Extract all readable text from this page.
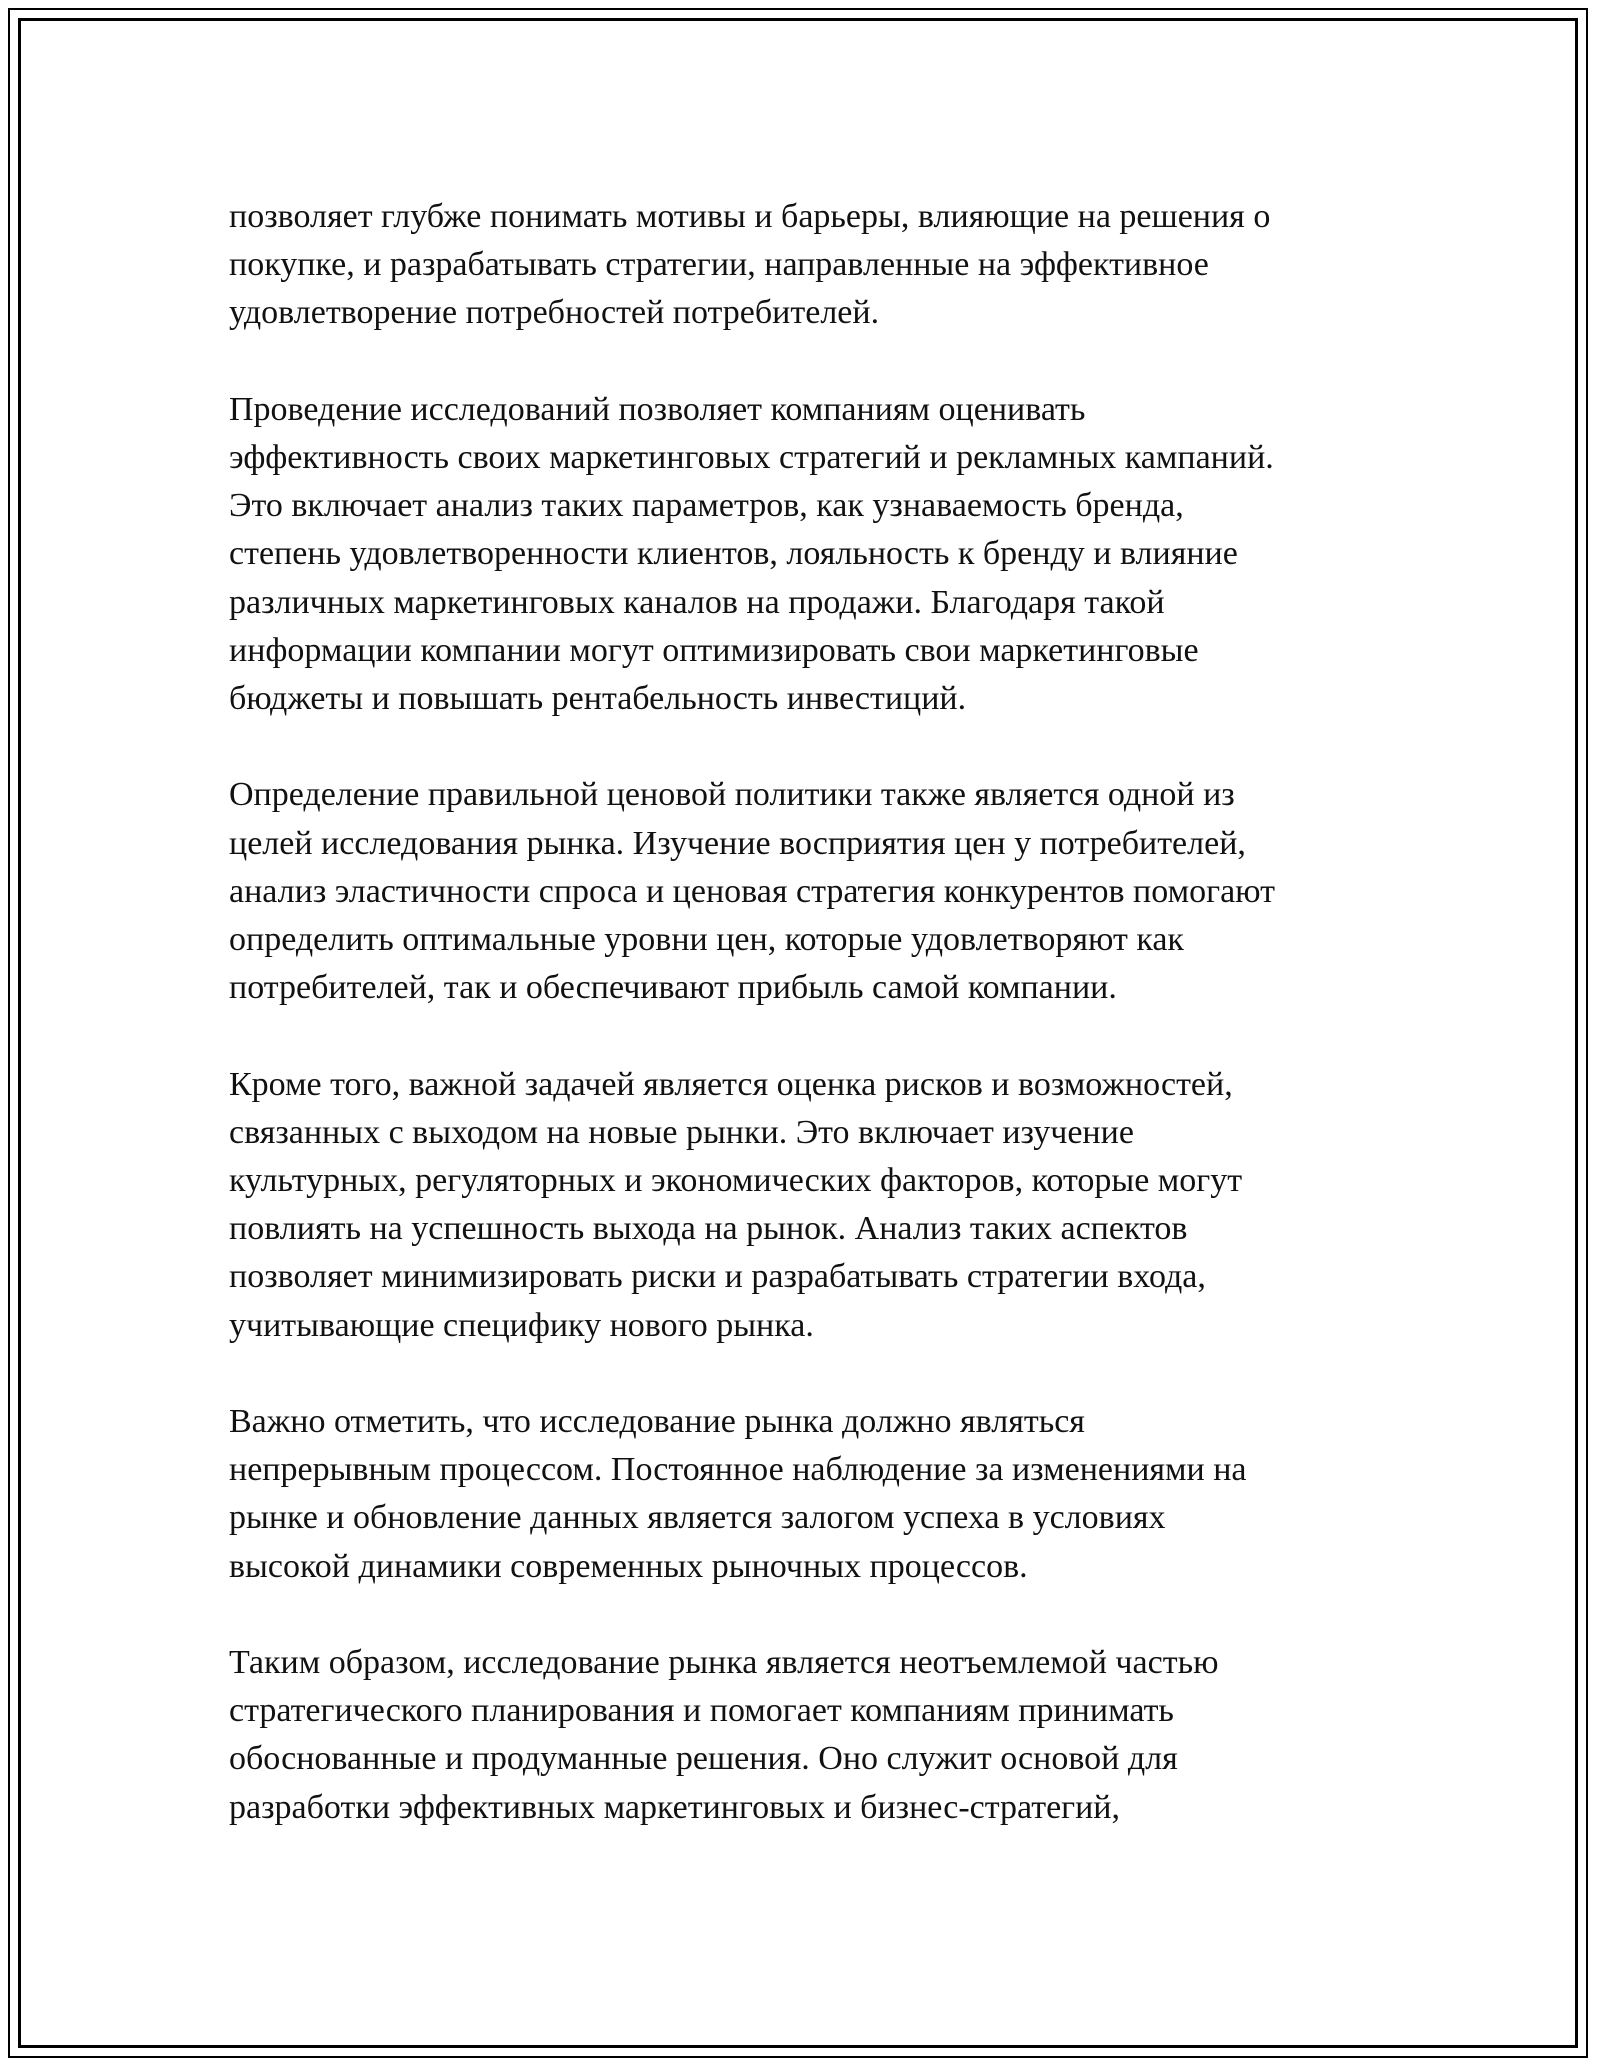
позволяет глубже понимать мотивы и барьеры, влияющие на решения о
покупке, и разрабатывать стратегии, направленные на эффективное
удовлетворение потребностей потребителей.

Проведение исследований позволяет компаниям оценивать
эффективность своих маркетинговых стратегий и рекламных кампаний.
Это включает анализ таких параметров, как узнаваемость бренда,
степень удовлетворенности клиентов, лояльность к бренду и влияние
различных маркетинговых каналов на продажи. Благодаря такой
информации компании могут оптимизировать свои маркетинговые
бюджеты и повышать рентабельность инвестиций.

Определение правильной ценовой политики также является одной из
целей исследования рынка. Изучение восприятия цен у потребителей,
анализ эластичности спроса и ценовая стратегия конкурентов помогают
определить оптимальные уровни цен, которые удовлетворяют как
потребителей, так и обеспечивают прибыль самой компании.

Кроме того, важной задачей является оценка рисков и возможностей,
связанных с выходом на новые рынки. Это включает изучение
культурных, регуляторных и экономических факторов, которые могут
повлиять на успешность выхода на рынок. Анализ таких аспектов
позволяет минимизировать риски и разрабатывать стратегии входа,
учитывающие специфику нового рынка.

Важно отметить, что исследование рынка должно являться
непрерывным процессом. Постоянное наблюдение за изменениями на
рынке и обновление данных является залогом успеха в условиях
высокой динамики современных рыночных процессов.

Таким образом, исследование рынка является неотъемлемой частью
стратегического планирования и помогает компаниям принимать
обоснованные и продуманные решения. Оно служит основой для
разработки эффективных маркетинговых и бизнес-стратегий,
